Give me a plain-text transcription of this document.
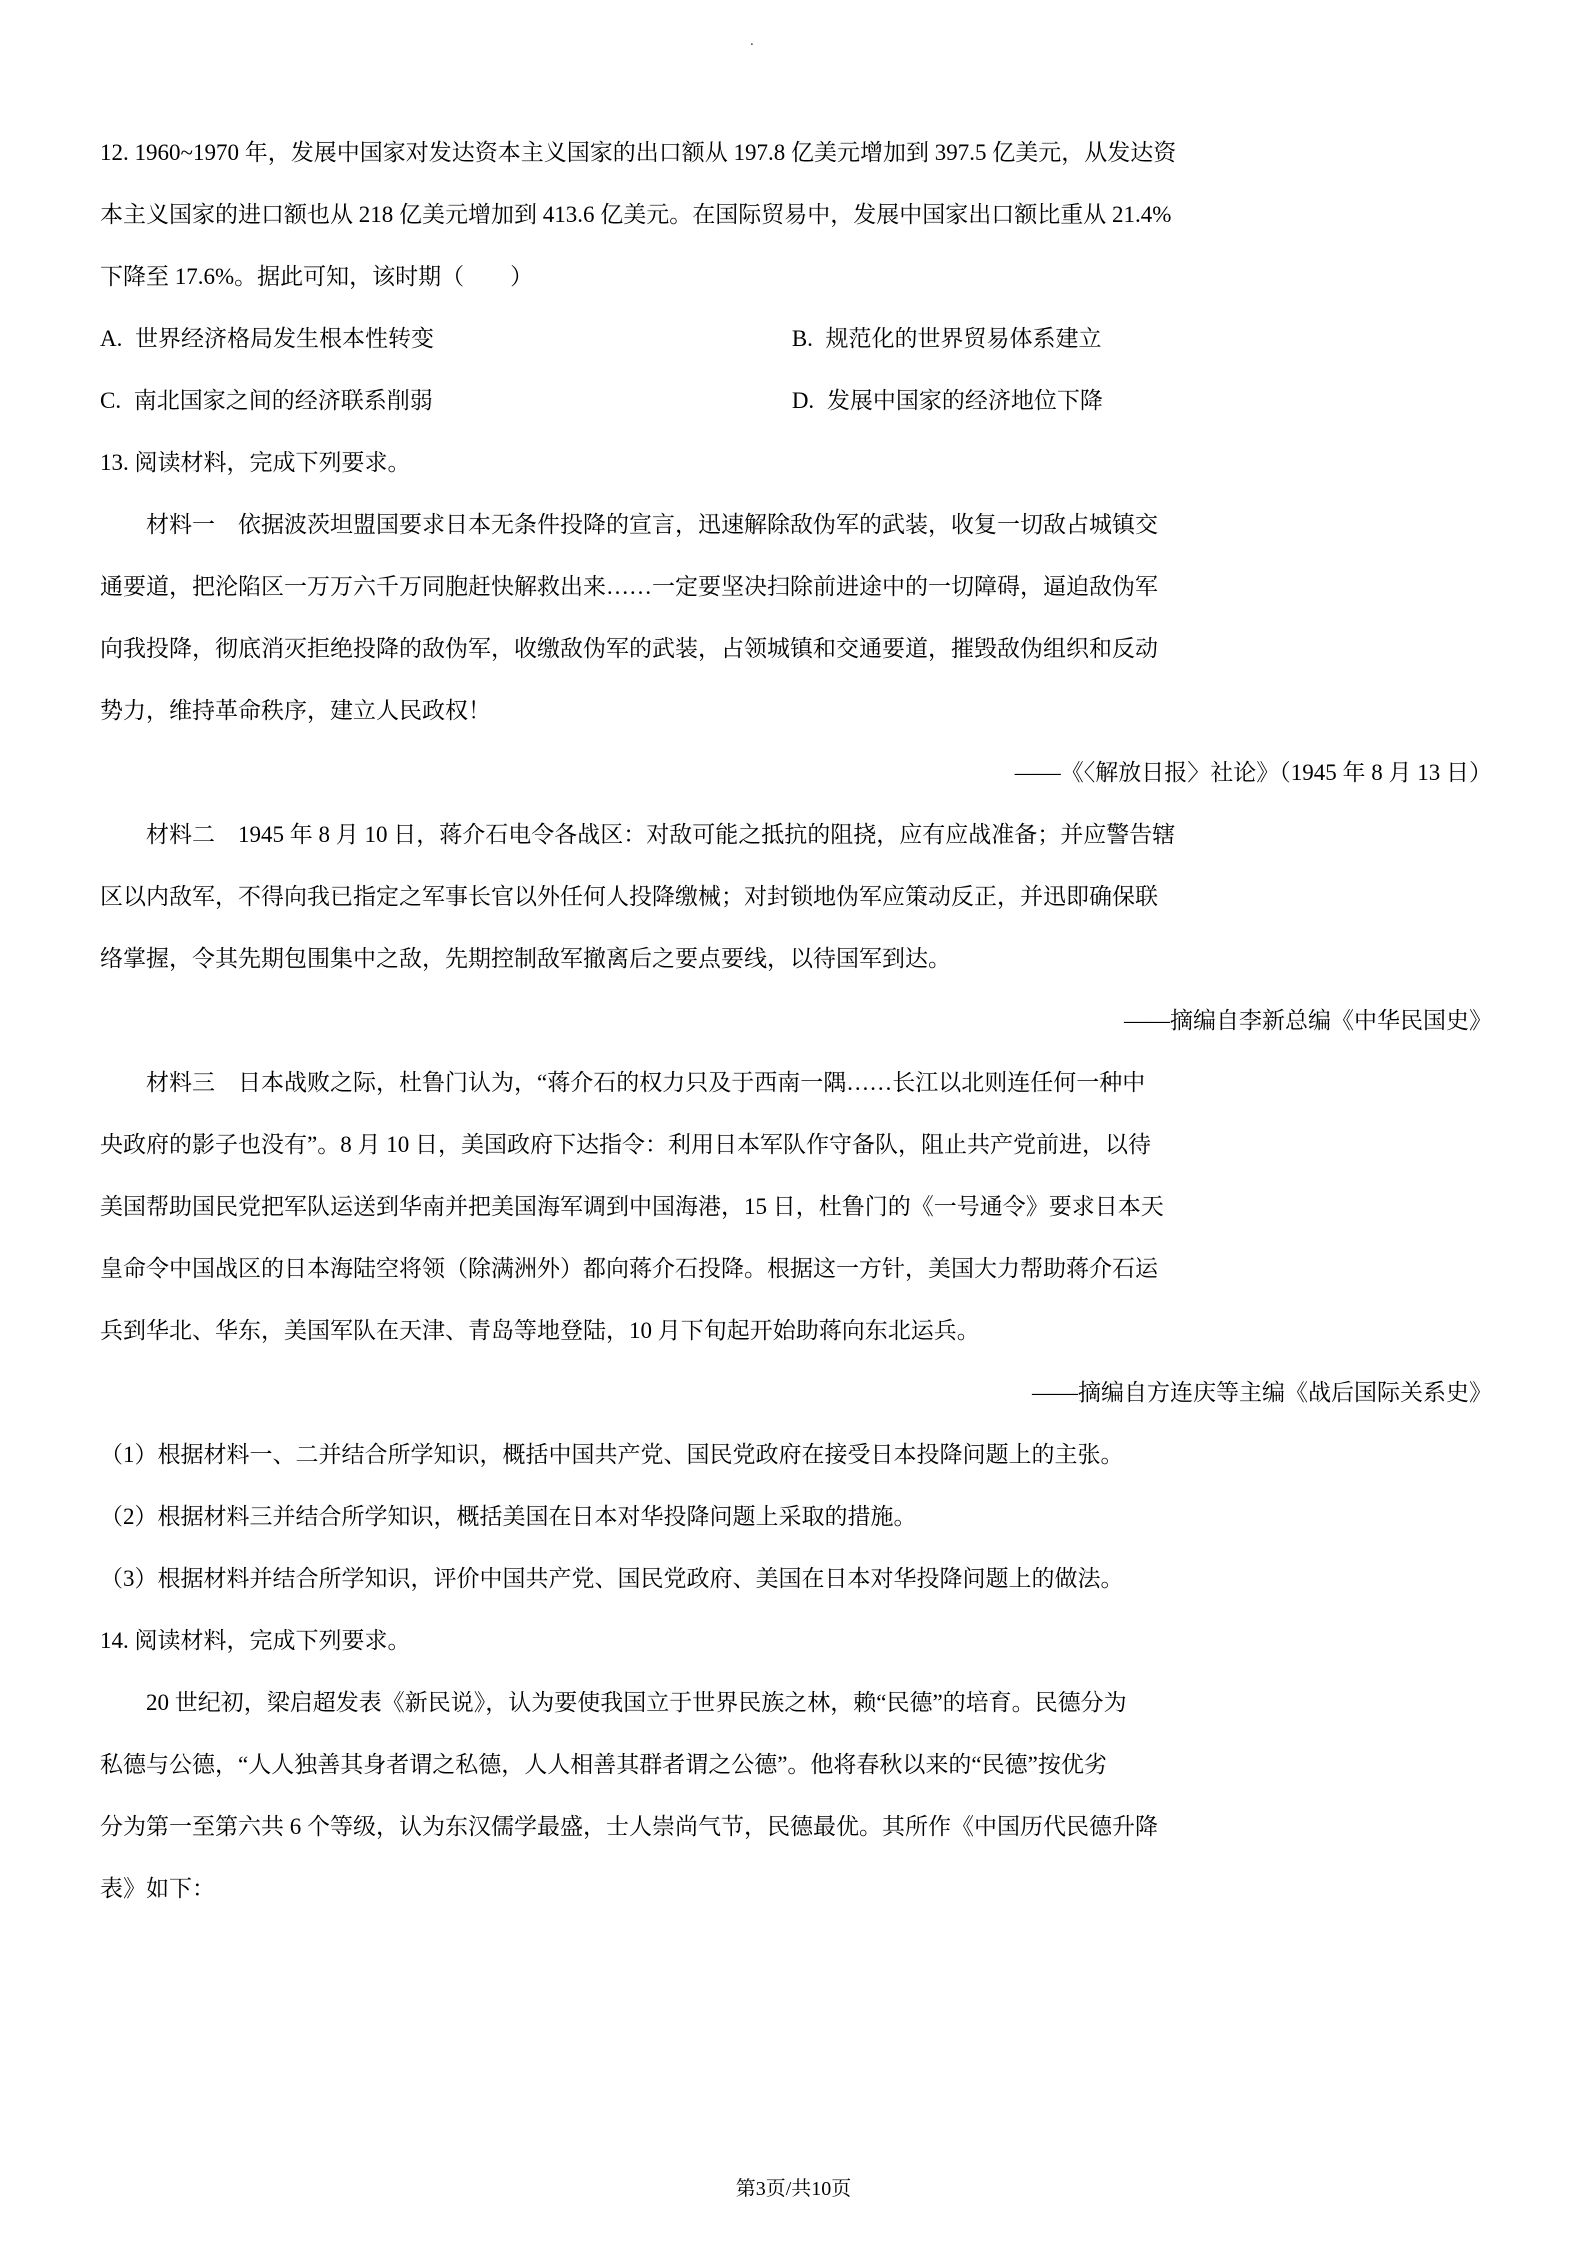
.
12. 1960~1970 年，发展中国家对发达资本主义国家的出口额从 197.8 亿美元增加到 397.5 亿美元，从发达资
本主义国家的进口额也从 218 亿美元增加到 413.6 亿美元。在国际贸易中，发展中国家出口额比重从 21.4%
下降至 17.6%。据此可知，该时期（　　）
A. 世界经济格局发生根本性转变	B. 规范化的世界贸易体系建立
C. 南北国家之间的经济联系削弱	D. 发展中国家的经济地位下降
13. 阅读材料，完成下列要求。
材料一　依据波茨坦盟国要求日本无条件投降的宣言，迅速解除敌伪军的武装，收复一切敌占城镇交
通要道，把沦陷区一万万六千万同胞赶快解救出来……一定要坚决扫除前进途中的一切障碍，逼迫敌伪军
向我投降，彻底消灭拒绝投降的敌伪军，收缴敌伪军的武装，占领城镇和交通要道，摧毁敌伪组织和反动
势力，维持革命秩序，建立人民政权！
——《〈解放日报〉社论》（1945 年 8 月 13 日）
材料二　1945 年 8 月 10 日，蒋介石电令各战区：对敌可能之抵抗的阻挠，应有应战准备；并应警告辖
区以内敌军，不得向我已指定之军事长官以外任何人投降缴械；对封锁地伪军应策动反正，并迅即确保联
络掌握，令其先期包围集中之敌，先期控制敌军撤离后之要点要线，以待国军到达。
——摘编自李新总编《中华民国史》
材料三　日本战败之际，杜鲁门认为，“蒋介石的权力只及于西南一隅……长江以北则连任何一种中
央政府的影子也没有”。8 月 10 日，美国政府下达指令：利用日本军队作守备队，阻止共产党前进，以待
美国帮助国民党把军队运送到华南并把美国海军调到中国海港，15 日，杜鲁门的《一号通令》要求日本天
皇命令中国战区的日本海陆空将领（除满洲外）都向蒋介石投降。根据这一方针，美国大力帮助蒋介石运
兵到华北、华东，美国军队在天津、青岛等地登陆，10 月下旬起开始助蒋向东北运兵。
——摘编自方连庆等主编《战后国际关系史》
（1）根据材料一、二并结合所学知识，概括中国共产党、国民党政府在接受日本投降问题上的主张。
（2）根据材料三并结合所学知识，概括美国在日本对华投降问题上采取的措施。
（3）根据材料并结合所学知识，评价中国共产党、国民党政府、美国在日本对华投降问题上的做法。
14. 阅读材料，完成下列要求。
20 世纪初，梁启超发表《新民说》，认为要使我国立于世界民族之林，赖“民德”的培育。民德分为
私德与公德，“人人独善其身者谓之私德，人人相善其群者谓之公德”。他将春秋以来的“民德”按优劣
分为第一至第六共 6 个等级，认为东汉儒学最盛，士人崇尚气节，民德最优。其所作《中国历代民德升降
表》如下：
第3页/共10页
